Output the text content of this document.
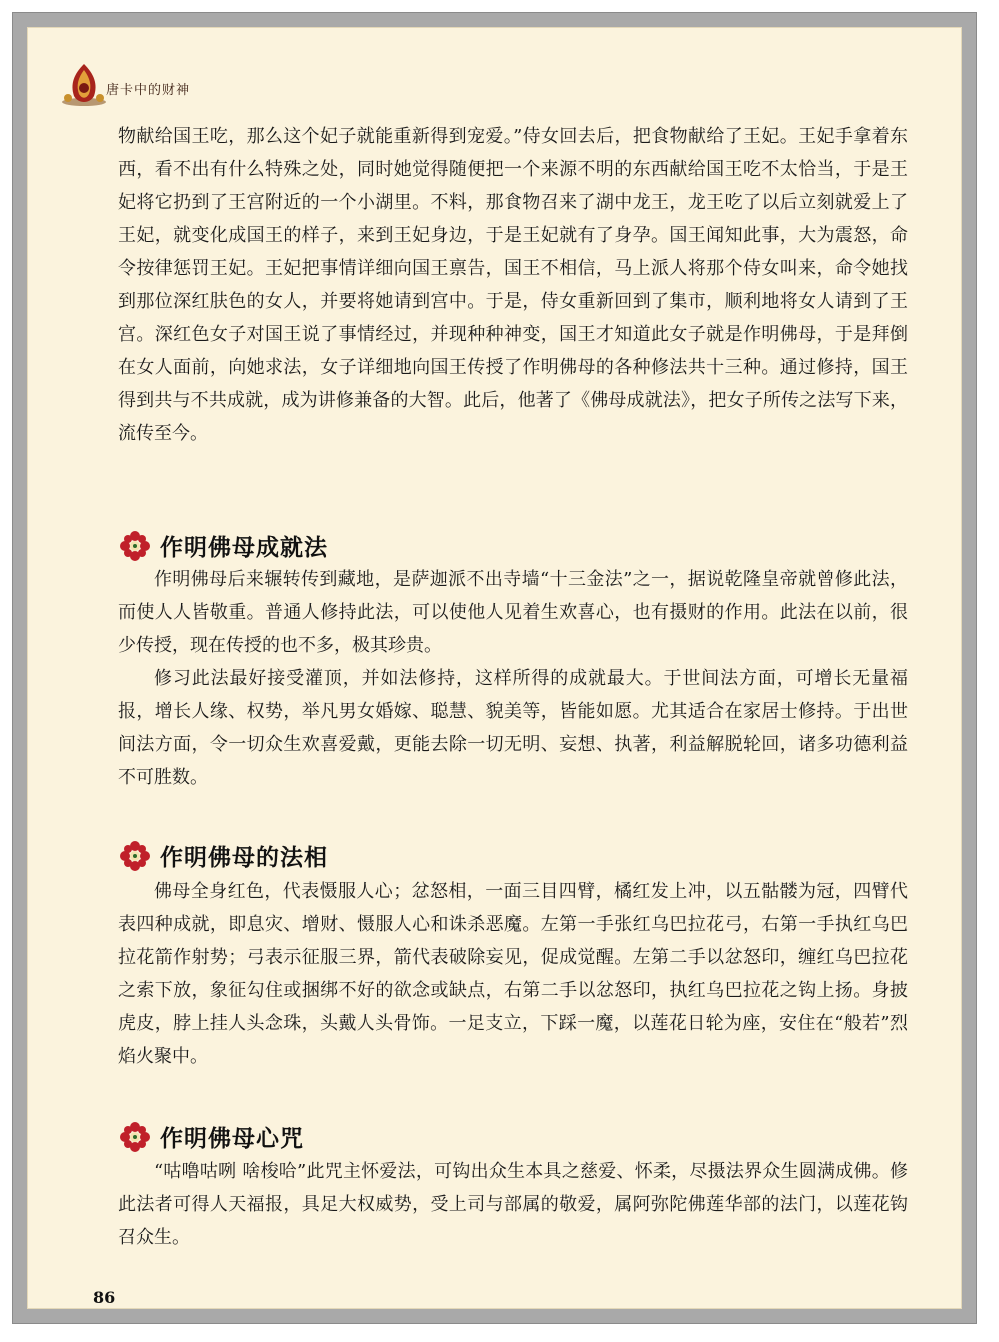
唐卡中的财神

物献给国王吃，那么这个妃子就能重新得到宠爱。”侍女回去后，把食物献给了王妃。王妃手拿着东西，看不出有什么特殊之处，同时她觉得随便把一个来源不明的东西献给国王吃不太恰当，于是王妃将它扔到了王宫附近的一个小湖里。不料，那食物召来了湖中龙王，龙王吃了以后立刻就爱上了王妃，就变化成国王的样子，来到王妃身边，于是王妃就有了身孕。国王闻知此事，大为震怒，命令按律惩罚王妃。王妃把事情详细向国王禀告，国王不相信，马上派人将那个侍女叫来，命令她找到那位深红肤色的女人，并要将她请到宫中。于是，侍女重新回到了集市，顺利地将女人请到了王宫。深红色女子对国王说了事情经过，并现种种神变，国王才知道此女子就是作明佛母，于是拜倒在女人面前，向她求法，女子详细地向国王传授了作明佛母的各种修法共十三种。通过修持，国王得到共与不共成就，成为讲修兼备的大智。此后，他著了《佛母成就法》，把女子所传之法写下来，流传至今。

作明佛母成就法

作明佛母后来辗转传到藏地，是萨迦派不出寺墙“十三金法”之一，据说乾隆皇帝就曾修此法，而使人人皆敬重。普通人修持此法，可以使他人见着生欢喜心，也有摄财的作用。此法在以前，很少传授，现在传授的也不多，极其珍贵。

修习此法最好接受灌顶，并如法修持，这样所得的成就最大。于世间法方面，可增长无量福报，增长人缘、权势，举凡男女婚嫁、聪慧、貌美等，皆能如愿。尤其适合在家居士修持。于出世间法方面，令一切众生欢喜爱戴，更能去除一切无明、妄想、执著，利益解脱轮回，诸多功德利益不可胜数。

作明佛母的法相

佛母全身红色，代表慑服人心；忿怒相，一面三目四臂，橘红发上冲，以五骷髅为冠，四臂代表四种成就，即息灾、增财、慑服人心和诛杀恶魔。左第一手张红乌巴拉花弓，右第一手执红乌巴拉花箭作射势；弓表示征服三界，箭代表破除妄见，促成觉醒。左第二手以忿怒印，缠红乌巴拉花之索下放，象征勾住或捆绑不好的欲念或缺点，右第二手以忿怒印，执红乌巴拉花之钩上扬。身披虎皮，脖上挂人头念珠，头戴人头骨饰。一足支立，下踩一魔，以莲花日轮为座，安住在“般若”烈焰火聚中。

作明佛母心咒

“咕噜咕咧 啥梭哈”此咒主怀爱法，可钩出众生本具之慈爱、怀柔，尽摄法界众生圆满成佛。修此法者可得人天福报，具足大权威势，受上司与部属的敬爱，属阿弥陀佛莲华部的法门，以莲花钩召众生。

86
